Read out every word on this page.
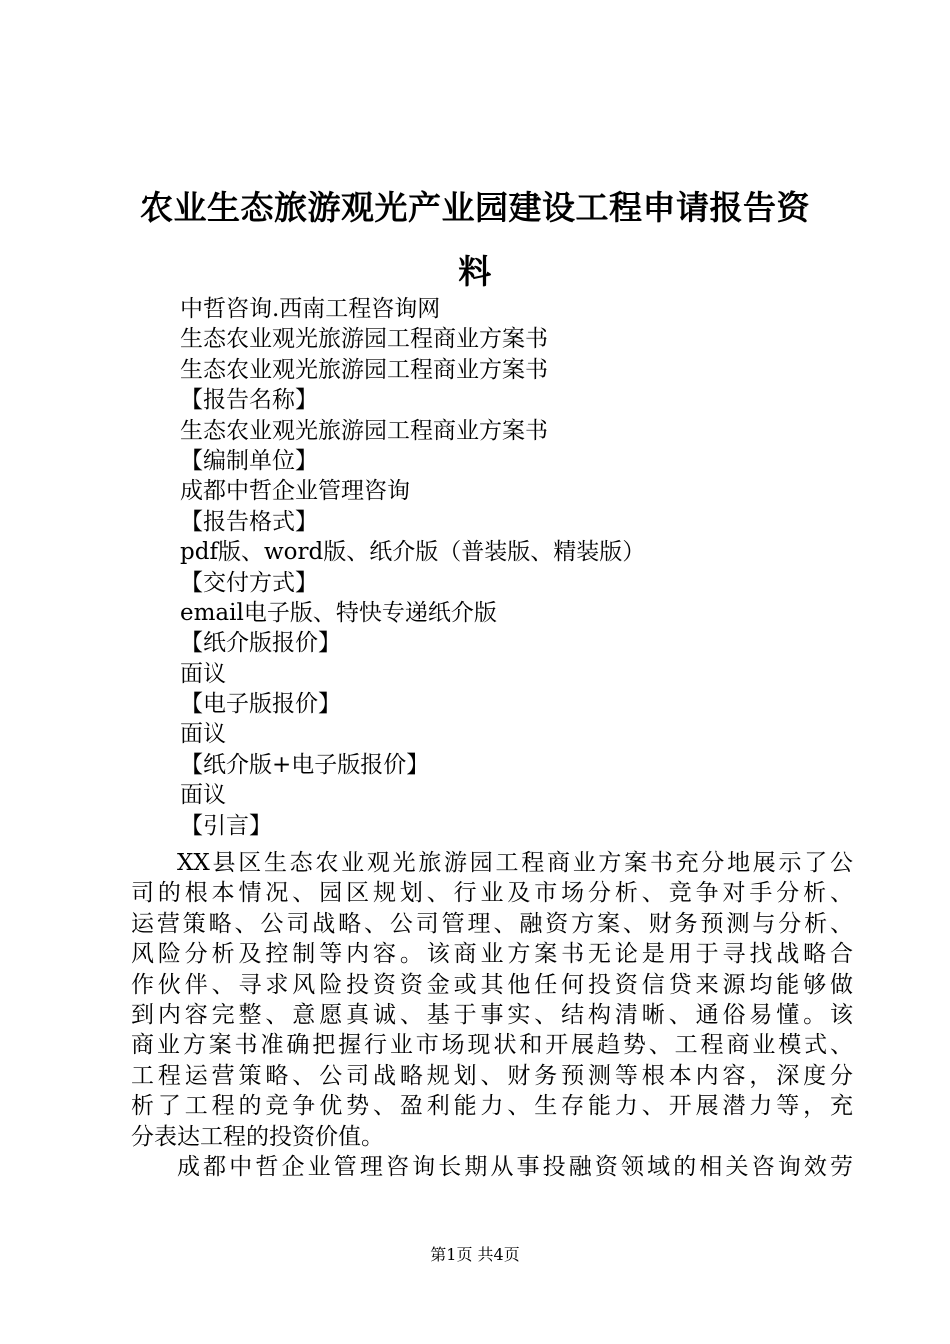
农业生态旅游观光产业园建设工程申请报告资
料
中哲咨询.西南工程咨询网
生态农业观光旅游园工程商业方案书
生态农业观光旅游园工程商业方案书
【报告名称】
生态农业观光旅游园工程商业方案书
【编制单位】
成都中哲企业管理咨询
【报告格式】
pdf版、word版、纸介版（普装版、精装版）
【交付方式】
email电子版、特快专递纸介版
【纸介版报价】
面议
【电子版报价】
面议
【纸介版+电子版报价】
面议
【引言】
XX县区生态农业观光旅游园工程商业方案书充分地展示了公
司的根本情况、园区规划、行业及市场分析、竞争对手分析、
运营策略、公司战略、公司管理、融资方案、财务预测与分析、
风险分析及控制等内容。该商业方案书无论是用于寻找战略合
作伙伴、寻求风险投资资金或其他任何投资信贷来源均能够做
到内容完整、意愿真诚、基于事实、结构清晰、通俗易懂。该
商业方案书准确把握行业市场现状和开展趋势、工程商业模式、
工程运营策略、公司战略规划、财务预测等根本内容，深度分
析了工程的竞争优势、盈利能力、生存能力、开展潜力等，充
分表达工程的投资价值。
成都中哲企业管理咨询长期从事投融资领域的相关咨询效劳
第1页 共4页
